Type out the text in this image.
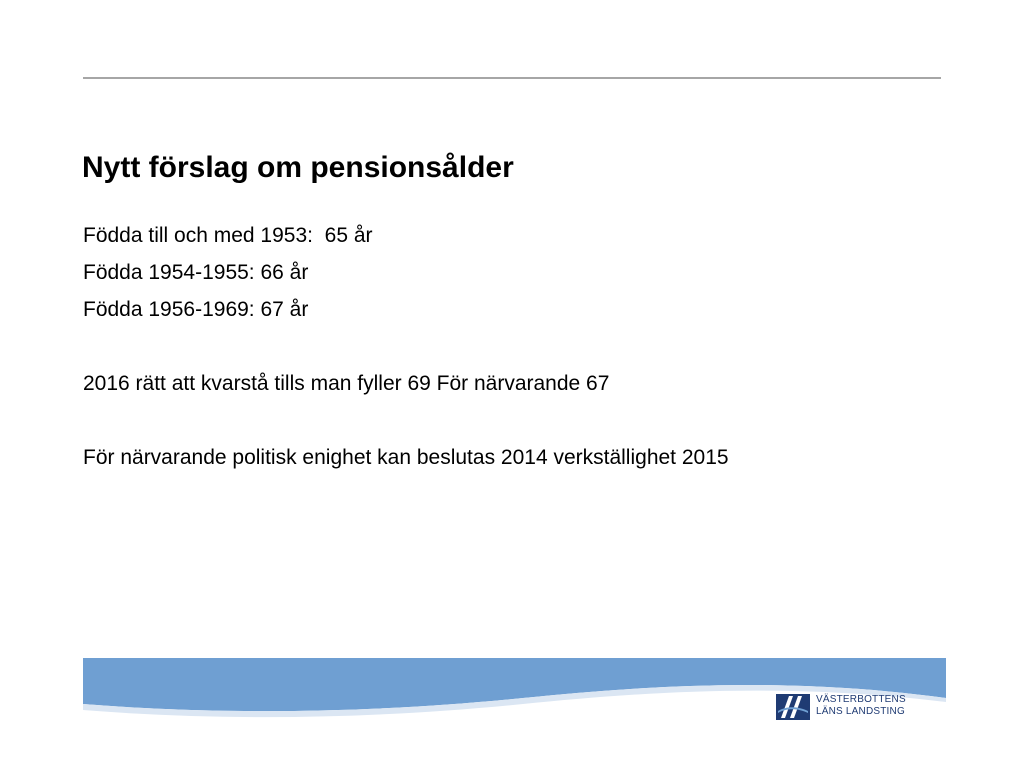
Nytt förslag om pensionsålder
Födda till och med 1953:  65 år
Födda 1954-1955: 66 år
Födda 1956-1969: 67 år
2016 rätt att kvarstå tills man fyller 69 För närvarande 67
För närvarande politisk enighet kan beslutas 2014 verkställighet 2015
VÄSTERBOTTENS
LÄNS LANDSTING
